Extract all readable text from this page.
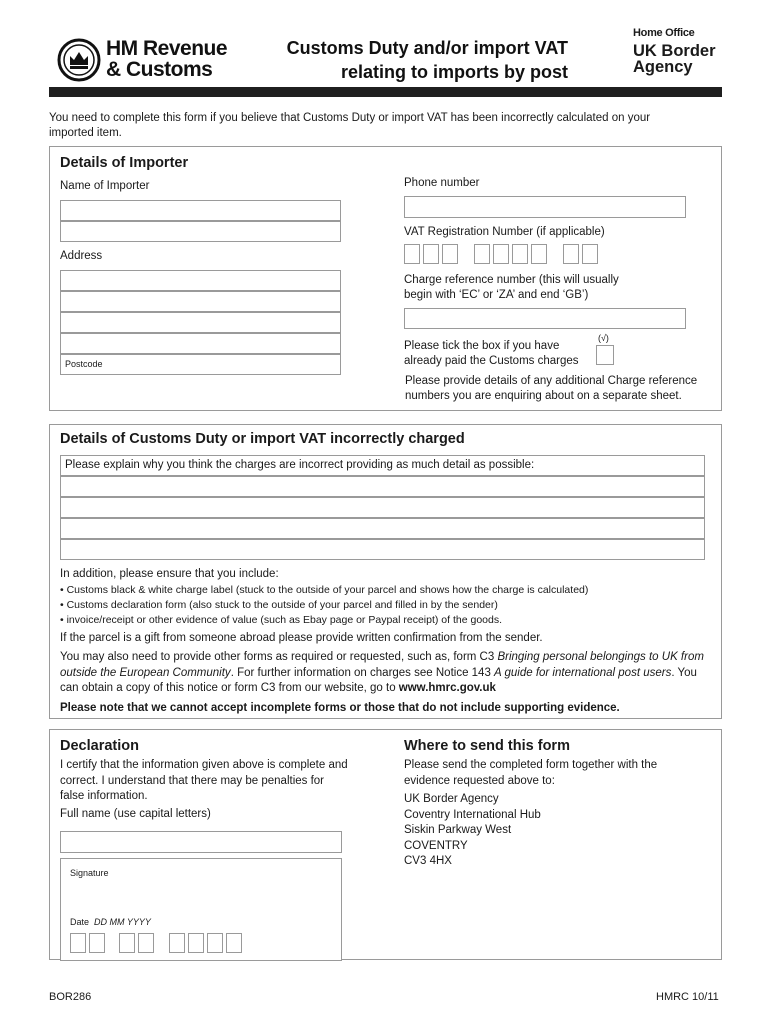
HM Revenue
& Customs
Customs Duty and/or import VAT
relating to imports by post
Home Office
UK Border
Agency
You need to complete this form if you believe that Customs Duty or import VAT has been incorrectly calculated on your imported item.
Details of Importer
Name of Importer
Address
Postcode
Phone number
VAT Registration Number (if applicable)
Charge reference number (this will usually
begin with ‘EC’ or ‘ZA’ and end ‘GB’)
Please tick the box if you have
already paid the Customs charges
(√)
Please provide details of any additional Charge reference
numbers you are enquiring about on a separate sheet.
Details of Customs Duty or import VAT incorrectly charged
Please explain why you think the charges are incorrect providing as much detail as possible:
In addition, please ensure that you include:
• Customs black & white charge label (stuck to the outside of your parcel and shows how the charge is calculated)
• Customs declaration form (also stuck to the outside of your parcel and filled in by the sender)
• invoice/receipt or other evidence of value (such as Ebay page or Paypal receipt) of the goods.
If the parcel is a gift from someone abroad please provide written confirmation from the sender.
You may also need to provide other forms as required or requested, such as, form C3 Bringing personal belongings to UK from outside the European Community. For further information on charges see Notice 143 A guide for international post users. You can obtain a copy of this notice or form C3 from our website, go to www.hmrc.gov.uk
Please note that we cannot accept incomplete forms or those that do not include supporting evidence.
Declaration
I certify that the information given above is complete and correct. I understand that there may be penalties for false information.
Full name (use capital letters)
Signature
Date DD MM YYYY
Where to send this form
Please send the completed form together with the evidence requested above to:
UK Border Agency
Coventry International Hub
Siskin Parkway West
COVENTRY
CV3 4HX
BOR286	HMRC 10/11
